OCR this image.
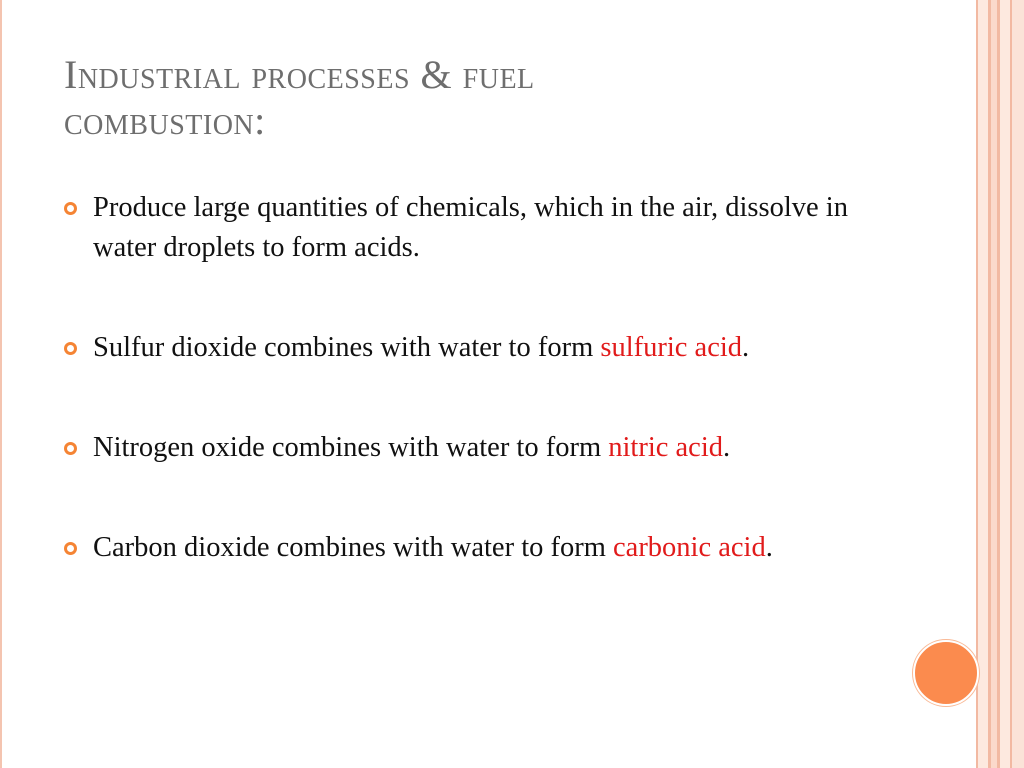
Industrial processes & fuel
combustion:
Produce large quantities of chemicals, which in the air, dissolve in water droplets to form acids.
Sulfur dioxide combines with water to form sulfuric acid.
Nitrogen oxide combines with water to form nitric acid.
Carbon dioxide combines with water to form carbonic acid.
